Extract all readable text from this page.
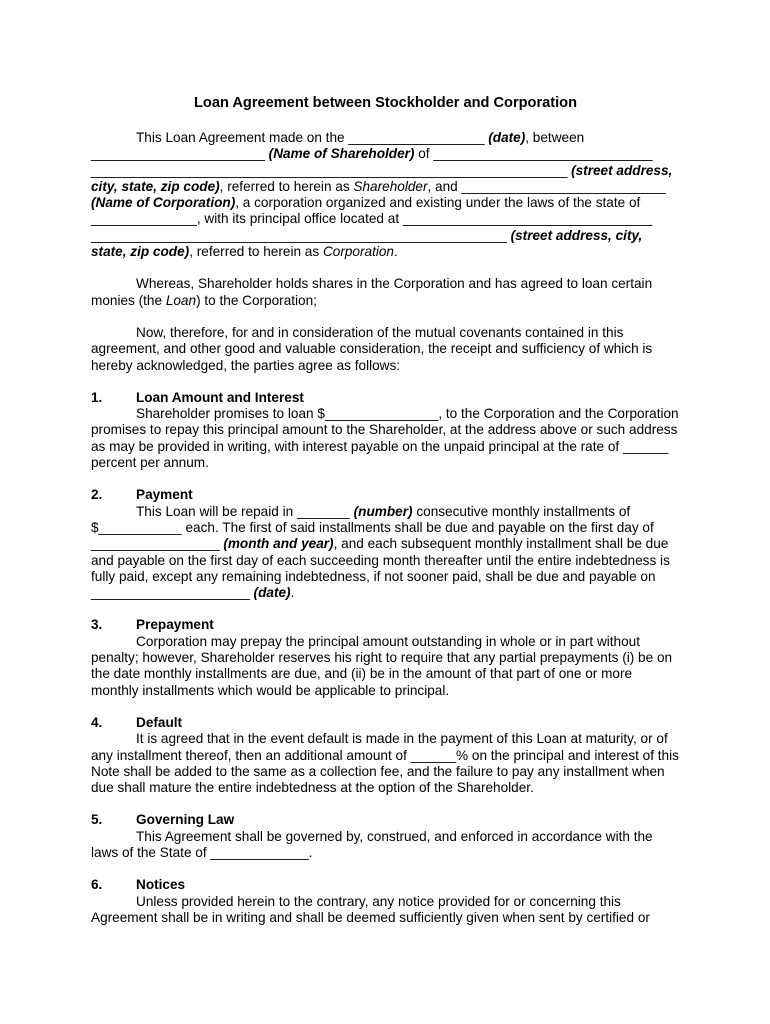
Loan Agreement between Stockholder and Corporation
This Loan Agreement made on the __________________ (date), between
_______________________ (Name of Shareholder) of _____________________________
_______________________________________________________________ (street address,
city, state, zip code), referred to herein as Shareholder, and ___________________________
(Name of Corporation), a corporation organized and existing under the laws of the state of
______________, with its principal office located at _________________________________
_______________________________________________________ (street address, city,
state, zip code), referred to herein as Corporation.

Whereas, Shareholder holds shares in the Corporation and has agreed to loan certain monies (the Loan) to the Corporation;

Now, therefore, for and in consideration of the mutual covenants contained in this agreement, and other good and valuable consideration, the receipt and sufficiency of which is hereby acknowledged, the parties agree as follows:

1.	Loan Amount and Interest

Shareholder promises to loan $_______________, to the Corporation and the Corporation promises to repay this principal amount to the Shareholder, at the address above or such address as may be provided in writing, with interest payable on the unpaid principal at the rate of ______ percent per annum.

2.	Payment

This Loan will be repaid in _______ (number) consecutive monthly installments of $___________ each. The first of said installments shall be due and payable on the first day of _________________ (month and year), and each subsequent monthly installment shall be due and payable on the first day of each succeeding month thereafter until the entire indebtedness is fully paid, except any remaining indebtedness, if not sooner paid, shall be due and payable on _____________________ (date).

3.	Prepayment

Corporation may prepay the principal amount outstanding in whole or in part without penalty; however, Shareholder reserves his right to require that any partial prepayments (i) be on the date monthly installments are due, and (ii) be in the amount of that part of one or more monthly installments which would be applicable to principal.

4.	Default

It is agreed that in the event default is made in the payment of this Loan at maturity, or of any installment thereof, then an additional amount of ______% on the principal and interest of this Note shall be added to the same as a collection fee, and the failure to pay any installment when due shall mature the entire indebtedness at the option of the Shareholder.

5.	Governing Law

This Agreement shall be governed by, construed, and enforced in accordance with the laws of the State of _____________.

6.	Notices

Unless provided herein to the contrary, any notice provided for or concerning this Agreement shall be in writing and shall be deemed sufficiently given when sent by certified or
